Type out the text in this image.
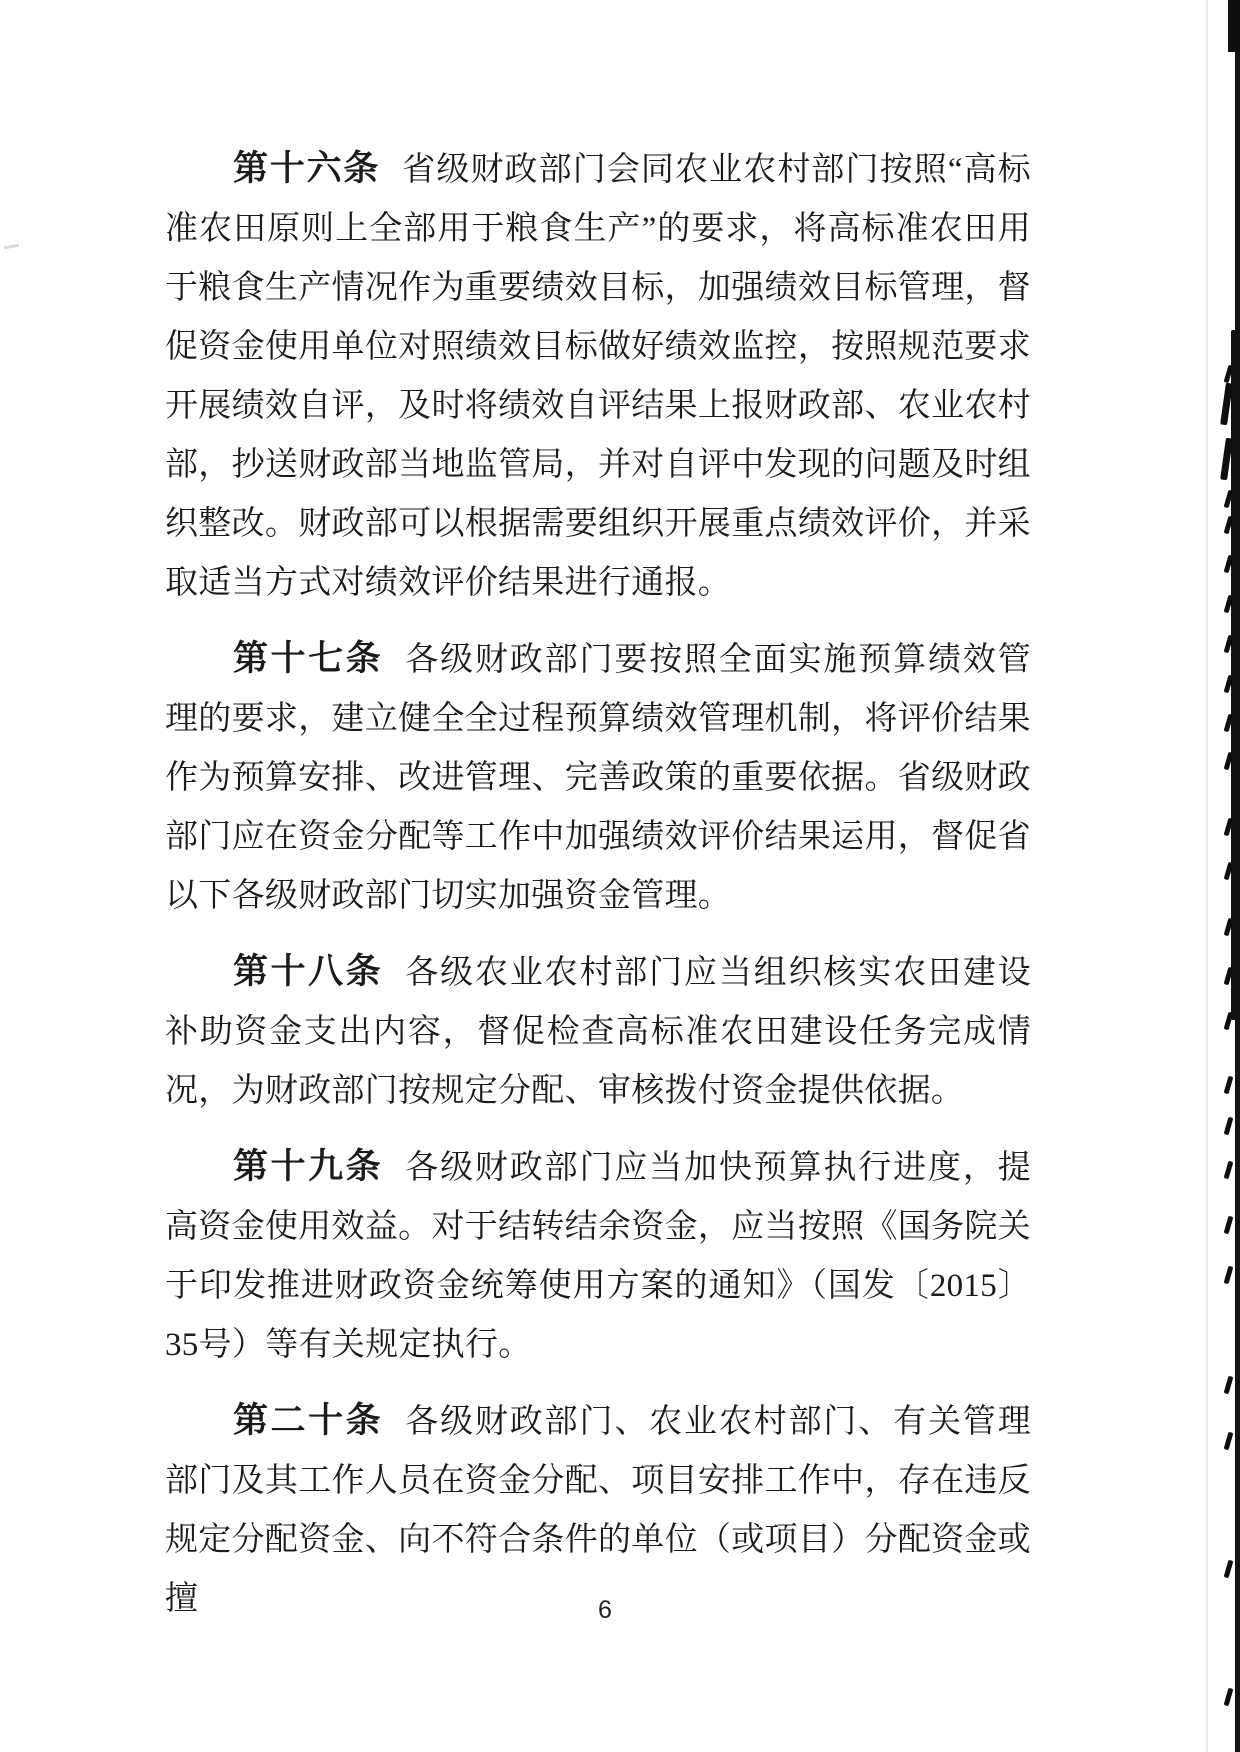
第十六条 省级财政部门会同农业农村部门按照“高标准农田原则上全部用于粮食生产”的要求，将高标准农田用于粮食生产情况作为重要绩效目标，加强绩效目标管理，督促资金使用单位对照绩效目标做好绩效监控，按照规范要求开展绩效自评，及时将绩效自评结果上报财政部、农业农村部，抄送财政部当地监管局，并对自评中发现的问题及时组织整改。财政部可以根据需要组织开展重点绩效评价，并采取适当方式对绩效评价结果进行通报。

第十七条 各级财政部门要按照全面实施预算绩效管理的要求，建立健全全过程预算绩效管理机制，将评价结果作为预算安排、改进管理、完善政策的重要依据。省级财政部门应在资金分配等工作中加强绩效评价结果运用，督促省以下各级财政部门切实加强资金管理。

第十八条 各级农业农村部门应当组织核实农田建设补助资金支出内容，督促检查高标准农田建设任务完成情况，为财政部门按规定分配、审核拨付资金提供依据。

第十九条 各级财政部门应当加快预算执行进度，提高资金使用效益。对于结转结余资金，应当按照《国务院关于印发推进财政资金统筹使用方案的通知》（国发〔2015〕35号）等有关规定执行。

第二十条 各级财政部门、农业农村部门、有关管理部门及其工作人员在资金分配、项目安排工作中，存在违反规定分配资金、向不符合条件的单位（或项目）分配资金或擅	6
